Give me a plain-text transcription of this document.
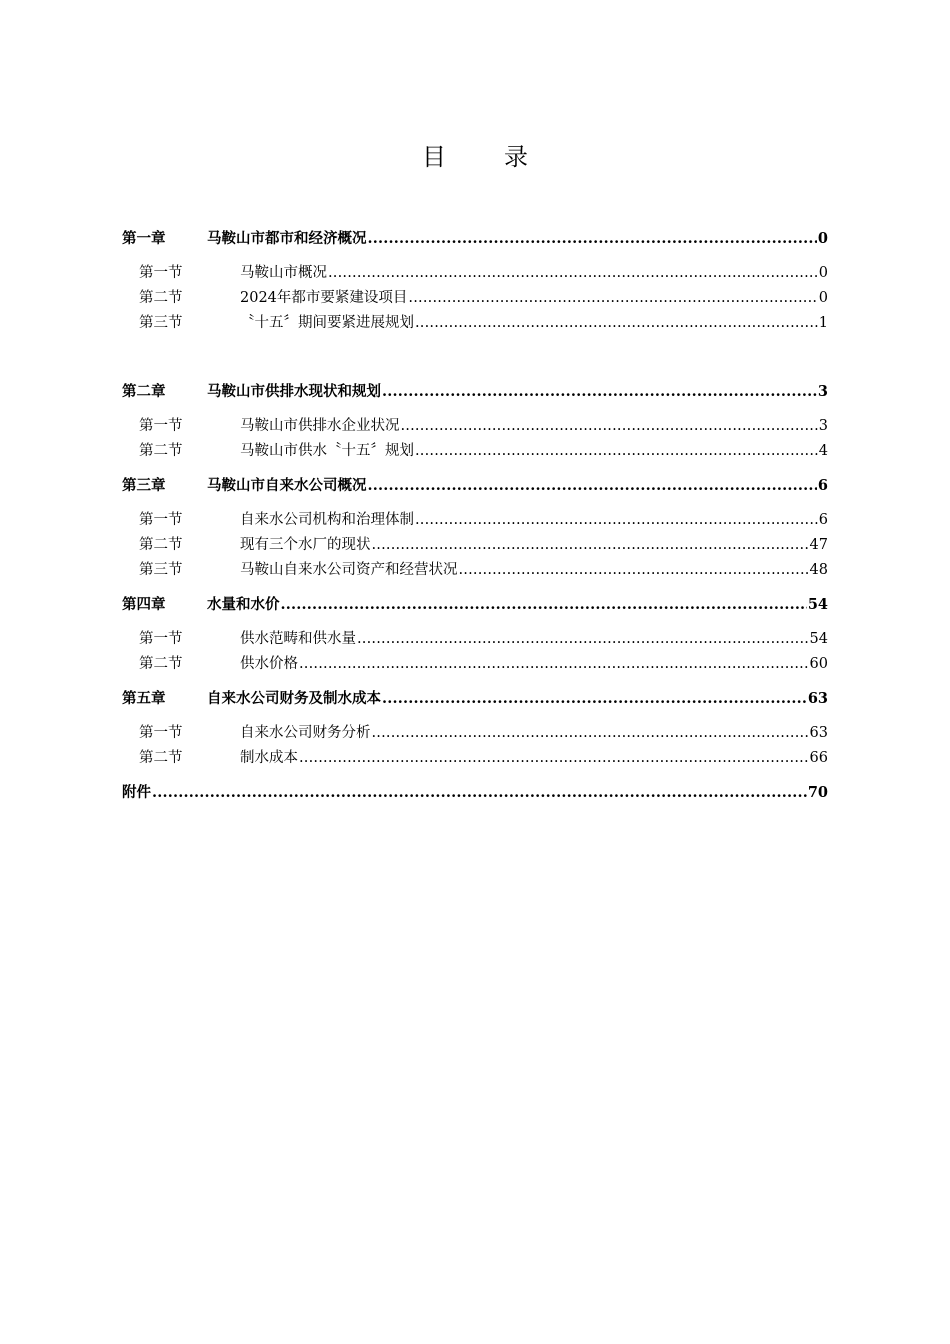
目 录
第一章	马鞍山市都市和经济概况 .....	0
第一节	马鞍山市概况 .....	0
第二节	2024年都市要紧建设项目 .....	0
第三节	〝十五〞期间要紧进展规划 .....	1
第二章	马鞍山市供排水现状和规划 .....	3
第一节	马鞍山市供排水企业状况 .....	3
第二节	马鞍山市供水〝十五〞规划 .....	4
第三章	马鞍山市自来水公司概况 .....	6
第一节	自来水公司机构和治理体制 .....	6
第二节	现有三个水厂的现状 .....	47
第三节	马鞍山自来水公司资产和经营状况 .....	48
第四章	水量和水价 .....	54
第一节	供水范畴和供水量 .....	54
第二节	供水价格 .....	60
第五章	自来水公司财务及制水成本 .....	63
第一节	自来水公司财务分析 .....	63
第二节	制水成本 .....	66
附件 .....	70
